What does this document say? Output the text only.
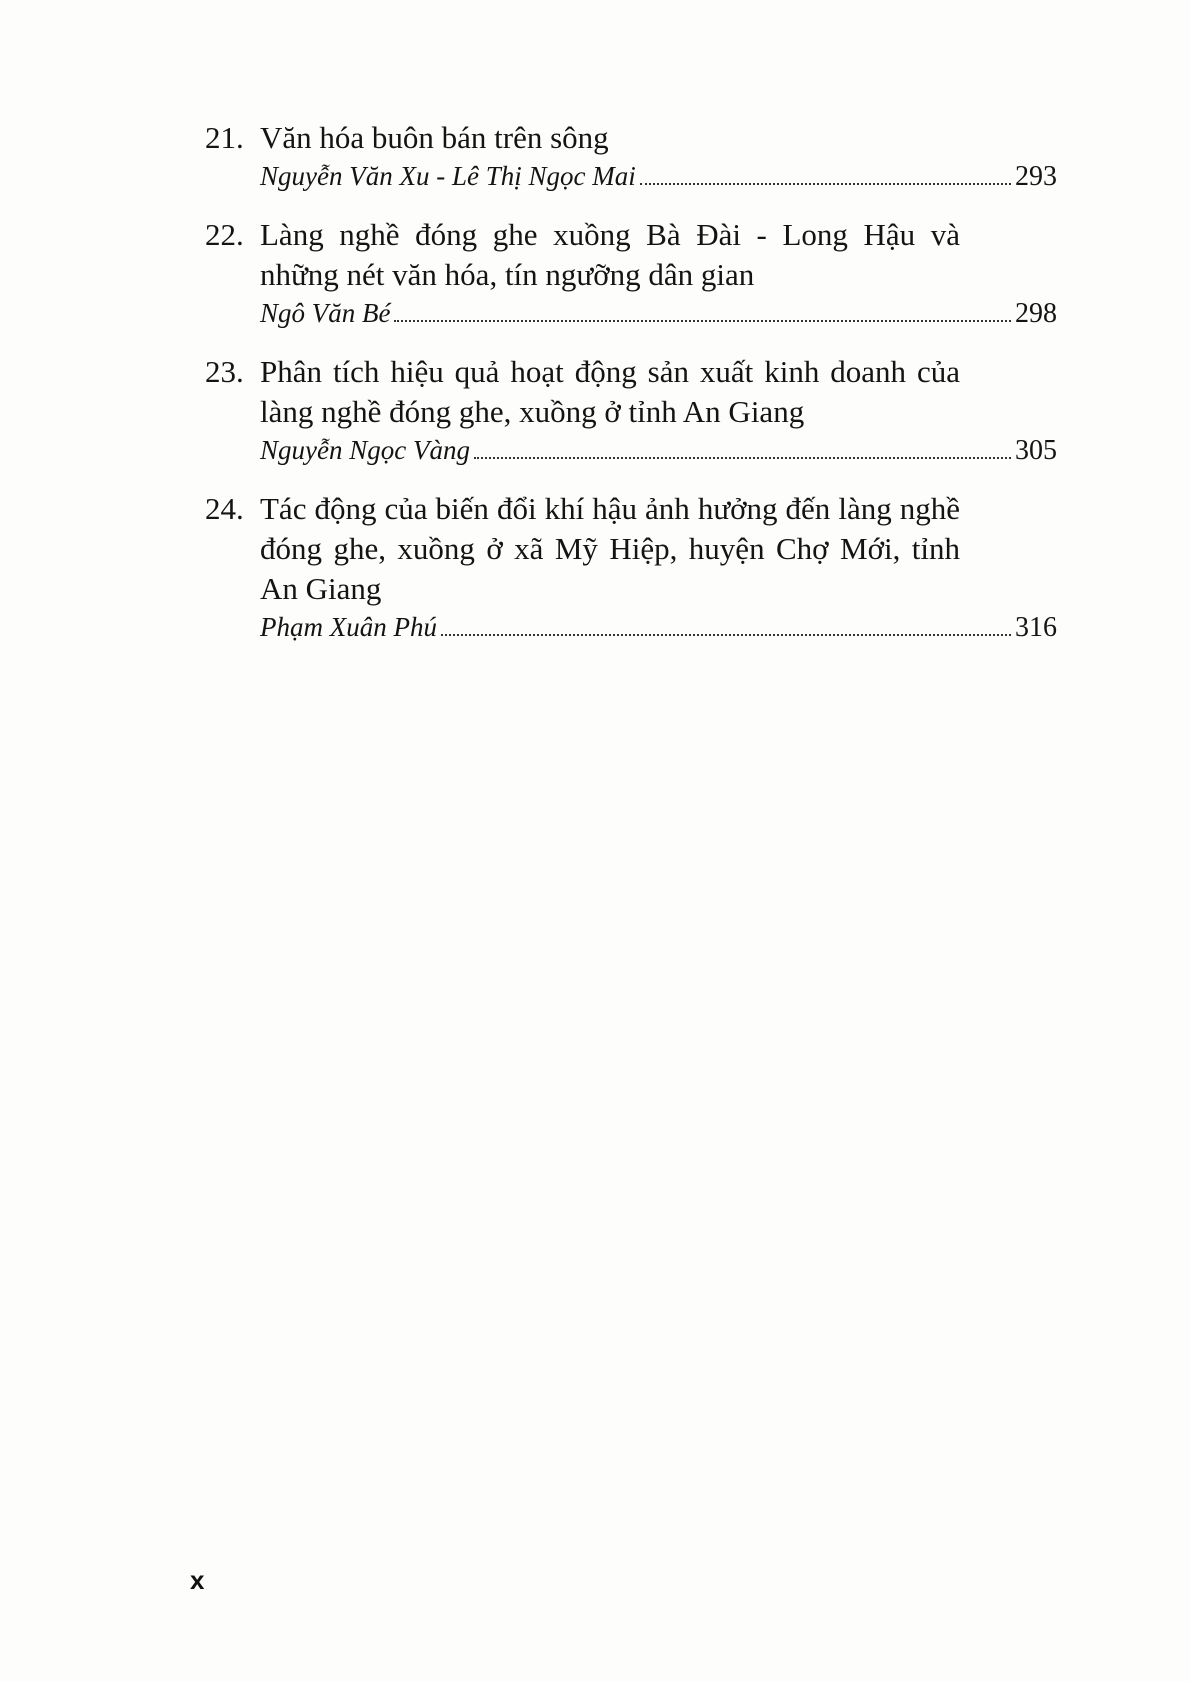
21. Văn hóa buôn bán trên sông
Nguyễn Văn Xu - Lê Thị Ngọc Mai	293
22. Làng nghề đóng ghe xuồng Bà Đài - Long Hậu và những nét văn hóa, tín ngưỡng dân gian
Ngô Văn Bé	298
23. Phân tích hiệu quả hoạt động sản xuất kinh doanh của làng nghề đóng ghe, xuồng ở tỉnh An Giang
Nguyễn Ngọc Vàng	305
24. Tác động của biến đổi khí hậu ảnh hưởng đến làng nghề đóng ghe, xuồng ở xã Mỹ Hiệp, huyện Chợ Mới, tỉnh An Giang
Phạm Xuân Phú	316
x
